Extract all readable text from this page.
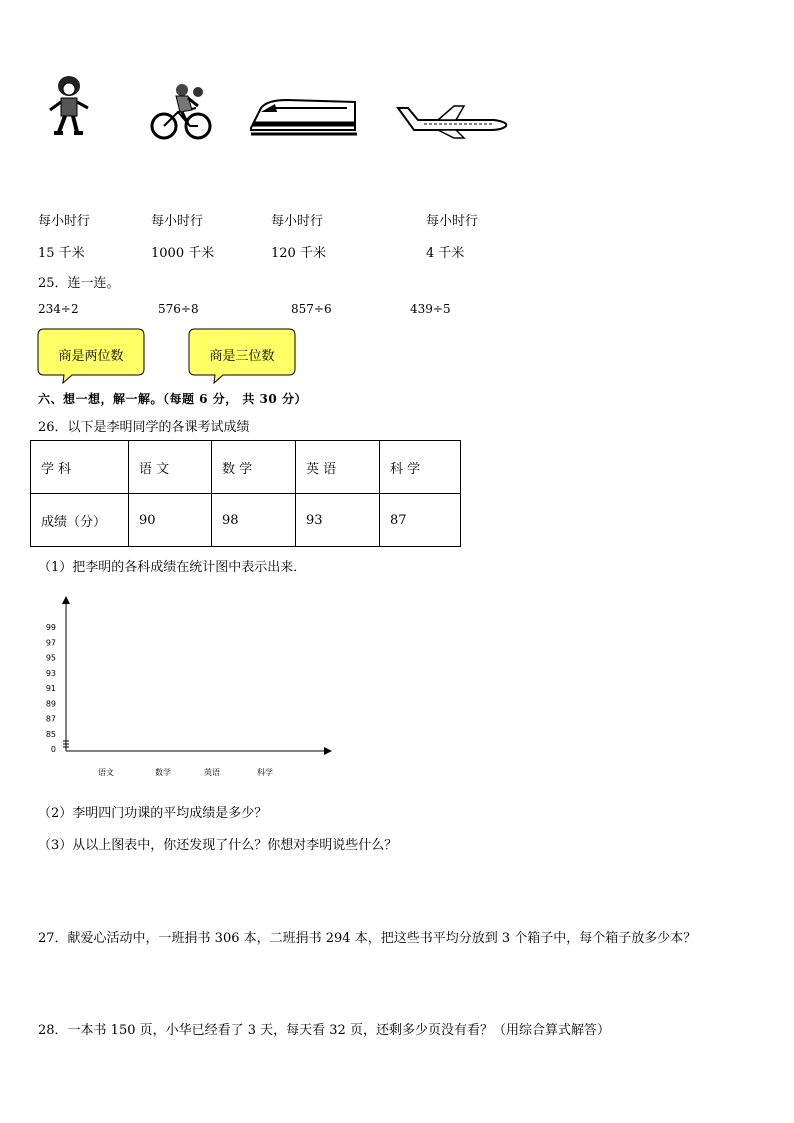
每小时行	每小时行	每小时行	每小时行
15 千米	1000 千米	120 千米	4 千米
25．连一连。
234÷2	576÷8	857÷6	439÷5
商是两位数	商是三位数
六、想一想，解一解。（每题 6 分， 共 30 分）
26．以下是李明同学的各课考试成绩
学 科	语 文	数 学	英 语	科 学
成绩（分）	90	98	93	87
（1）把李明的各科成绩在统计图中表示出来．
99
97
95
93
91
89
87
85
0
语文	数学	英语	科学
（2）李明四门功课的平均成绩是多少？
（3）从以上图表中，你还发现了什么？你想对李明说些什么？
27．献爱心活动中，一班捐书 306 本，二班捐书 294 本，把这些书平均分放到 3 个箱子中，每个箱子放多少本？
28．一本书 150 页，小华已经看了 3 天，每天看 32 页，还剩多少页没有看？（用综合算式解答）
